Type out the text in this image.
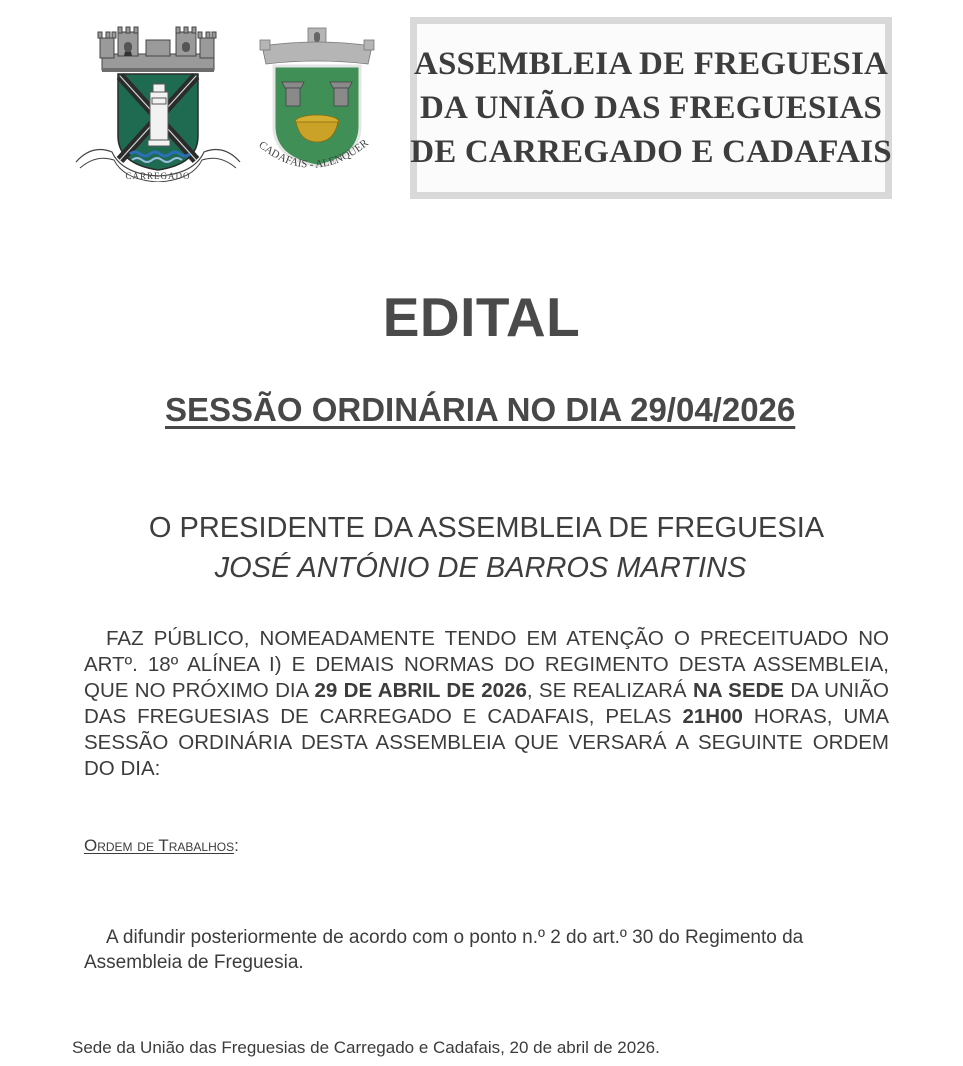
CARREGADO
CADAFAIS - ALENQUER
ASSEMBLEIA DE FREGUESIA
DA UNIÃO DAS FREGUESIAS
DE CARREGADO E CADAFAIS
EDITAL
SESSÃO ORDINÁRIA NO DIA 29/04/2026
O PRESIDENTE DA ASSEMBLEIA DE FREGUESIA
JOSÉ ANTÓNIO DE BARROS MARTINS
FAZ PÚBLICO, NOMEADAMENTE TENDO EM ATENÇÃO O PRECEITUADO NO ARTº. 18º ALÍNEA I) E DEMAIS NORMAS DO REGIMENTO DESTA ASSEMBLEIA, QUE NO PRÓXIMO DIA 29 DE ABRIL DE 2026, SE REALIZARÁ NA SEDE DA UNIÃO DAS FREGUESIAS DE CARREGADO E CADAFAIS, PELAS 21H00 HORAS, UMA SESSÃO ORDINÁRIA DESTA ASSEMBLEIA QUE VERSARÁ A SEGUINTE ORDEM DO DIA:
Ordem de Trabalhos:
A difundir posteriormente de acordo com o ponto n.º 2 do art.º 30 do Regimento da Assembleia de Freguesia.
Sede da União das Freguesias de Carregado e Cadafais, 20 de abril de 2026.
